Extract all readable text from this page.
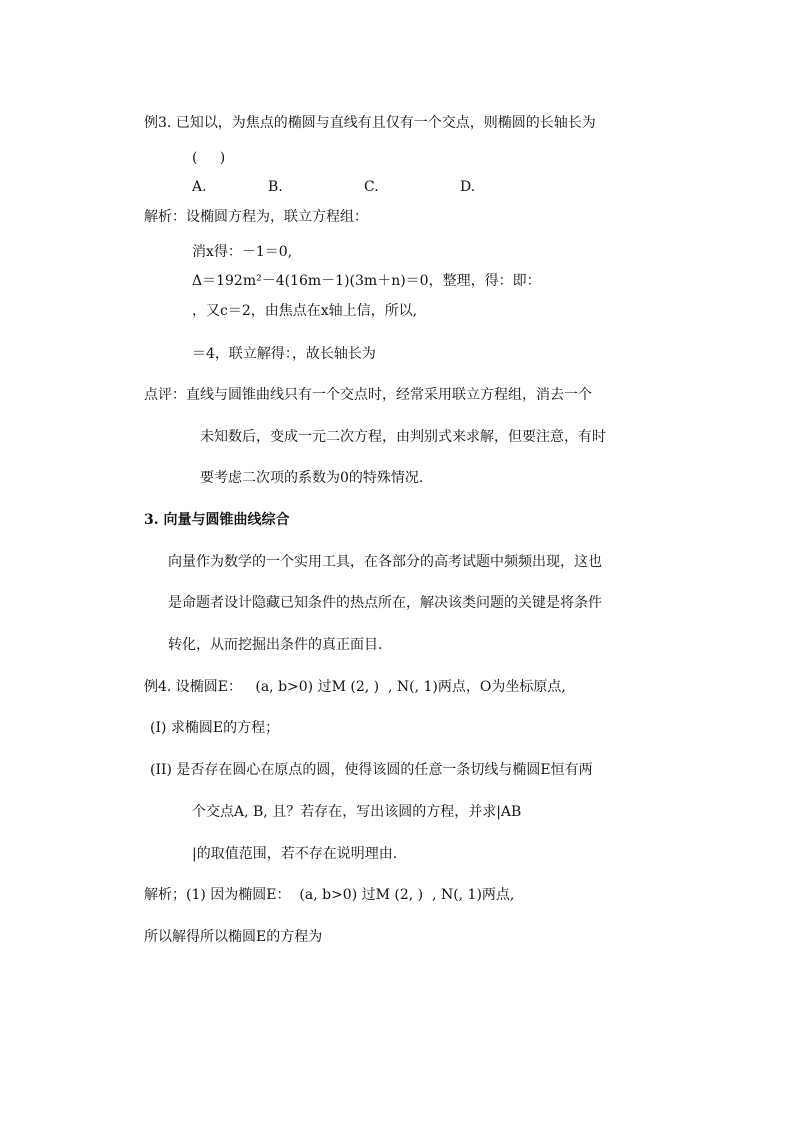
例3. 已知以，为焦点的椭圆与直线有且仅有一个交点，则椭圆的长轴长为
(     )
A.	B.	C.	D.
解析：设椭圆方程为，联立方程组：
消x得：－1＝0,
Δ＝192m²－4(16m－1)(3m＋n)＝0，整理，得：即：
，又c＝2，由焦点在x轴上信，所以,
＝4，联立解得：，故长轴长为
点评：直线与圆锥曲线只有一个交点时，经常采用联立方程组，消去一个
未知数后，变成一元二次方程，由判别式来求解，但要注意，有时
要考虑二次项的系数为0的特殊情况.
3. 向量与圆锥曲线综合
向量作为数学的一个实用工具，在各部分的高考试题中频频出现，这也
是命题者设计隐藏已知条件的热点所在，解决该类问题的关键是将条件
转化，从而挖掘出条件的真正面目.
例4. 设椭圆E：   (a, b>0) 过M (2, )  , N(, 1)两点，O为坐标原点,
(I) 求椭圆E的方程；
(II) 是否存在圆心在原点的圆，使得该圆的任意一条切线与椭圆E恒有两
个交点A, B, 且？若存在，写出该圆的方程，并求|AB
|的取值范围，若不存在说明理由.
解析；(1) 因为椭圆E：  (a, b>0) 过M (2, )  , N(, 1)两点,
所以解得所以椭圆E的方程为
